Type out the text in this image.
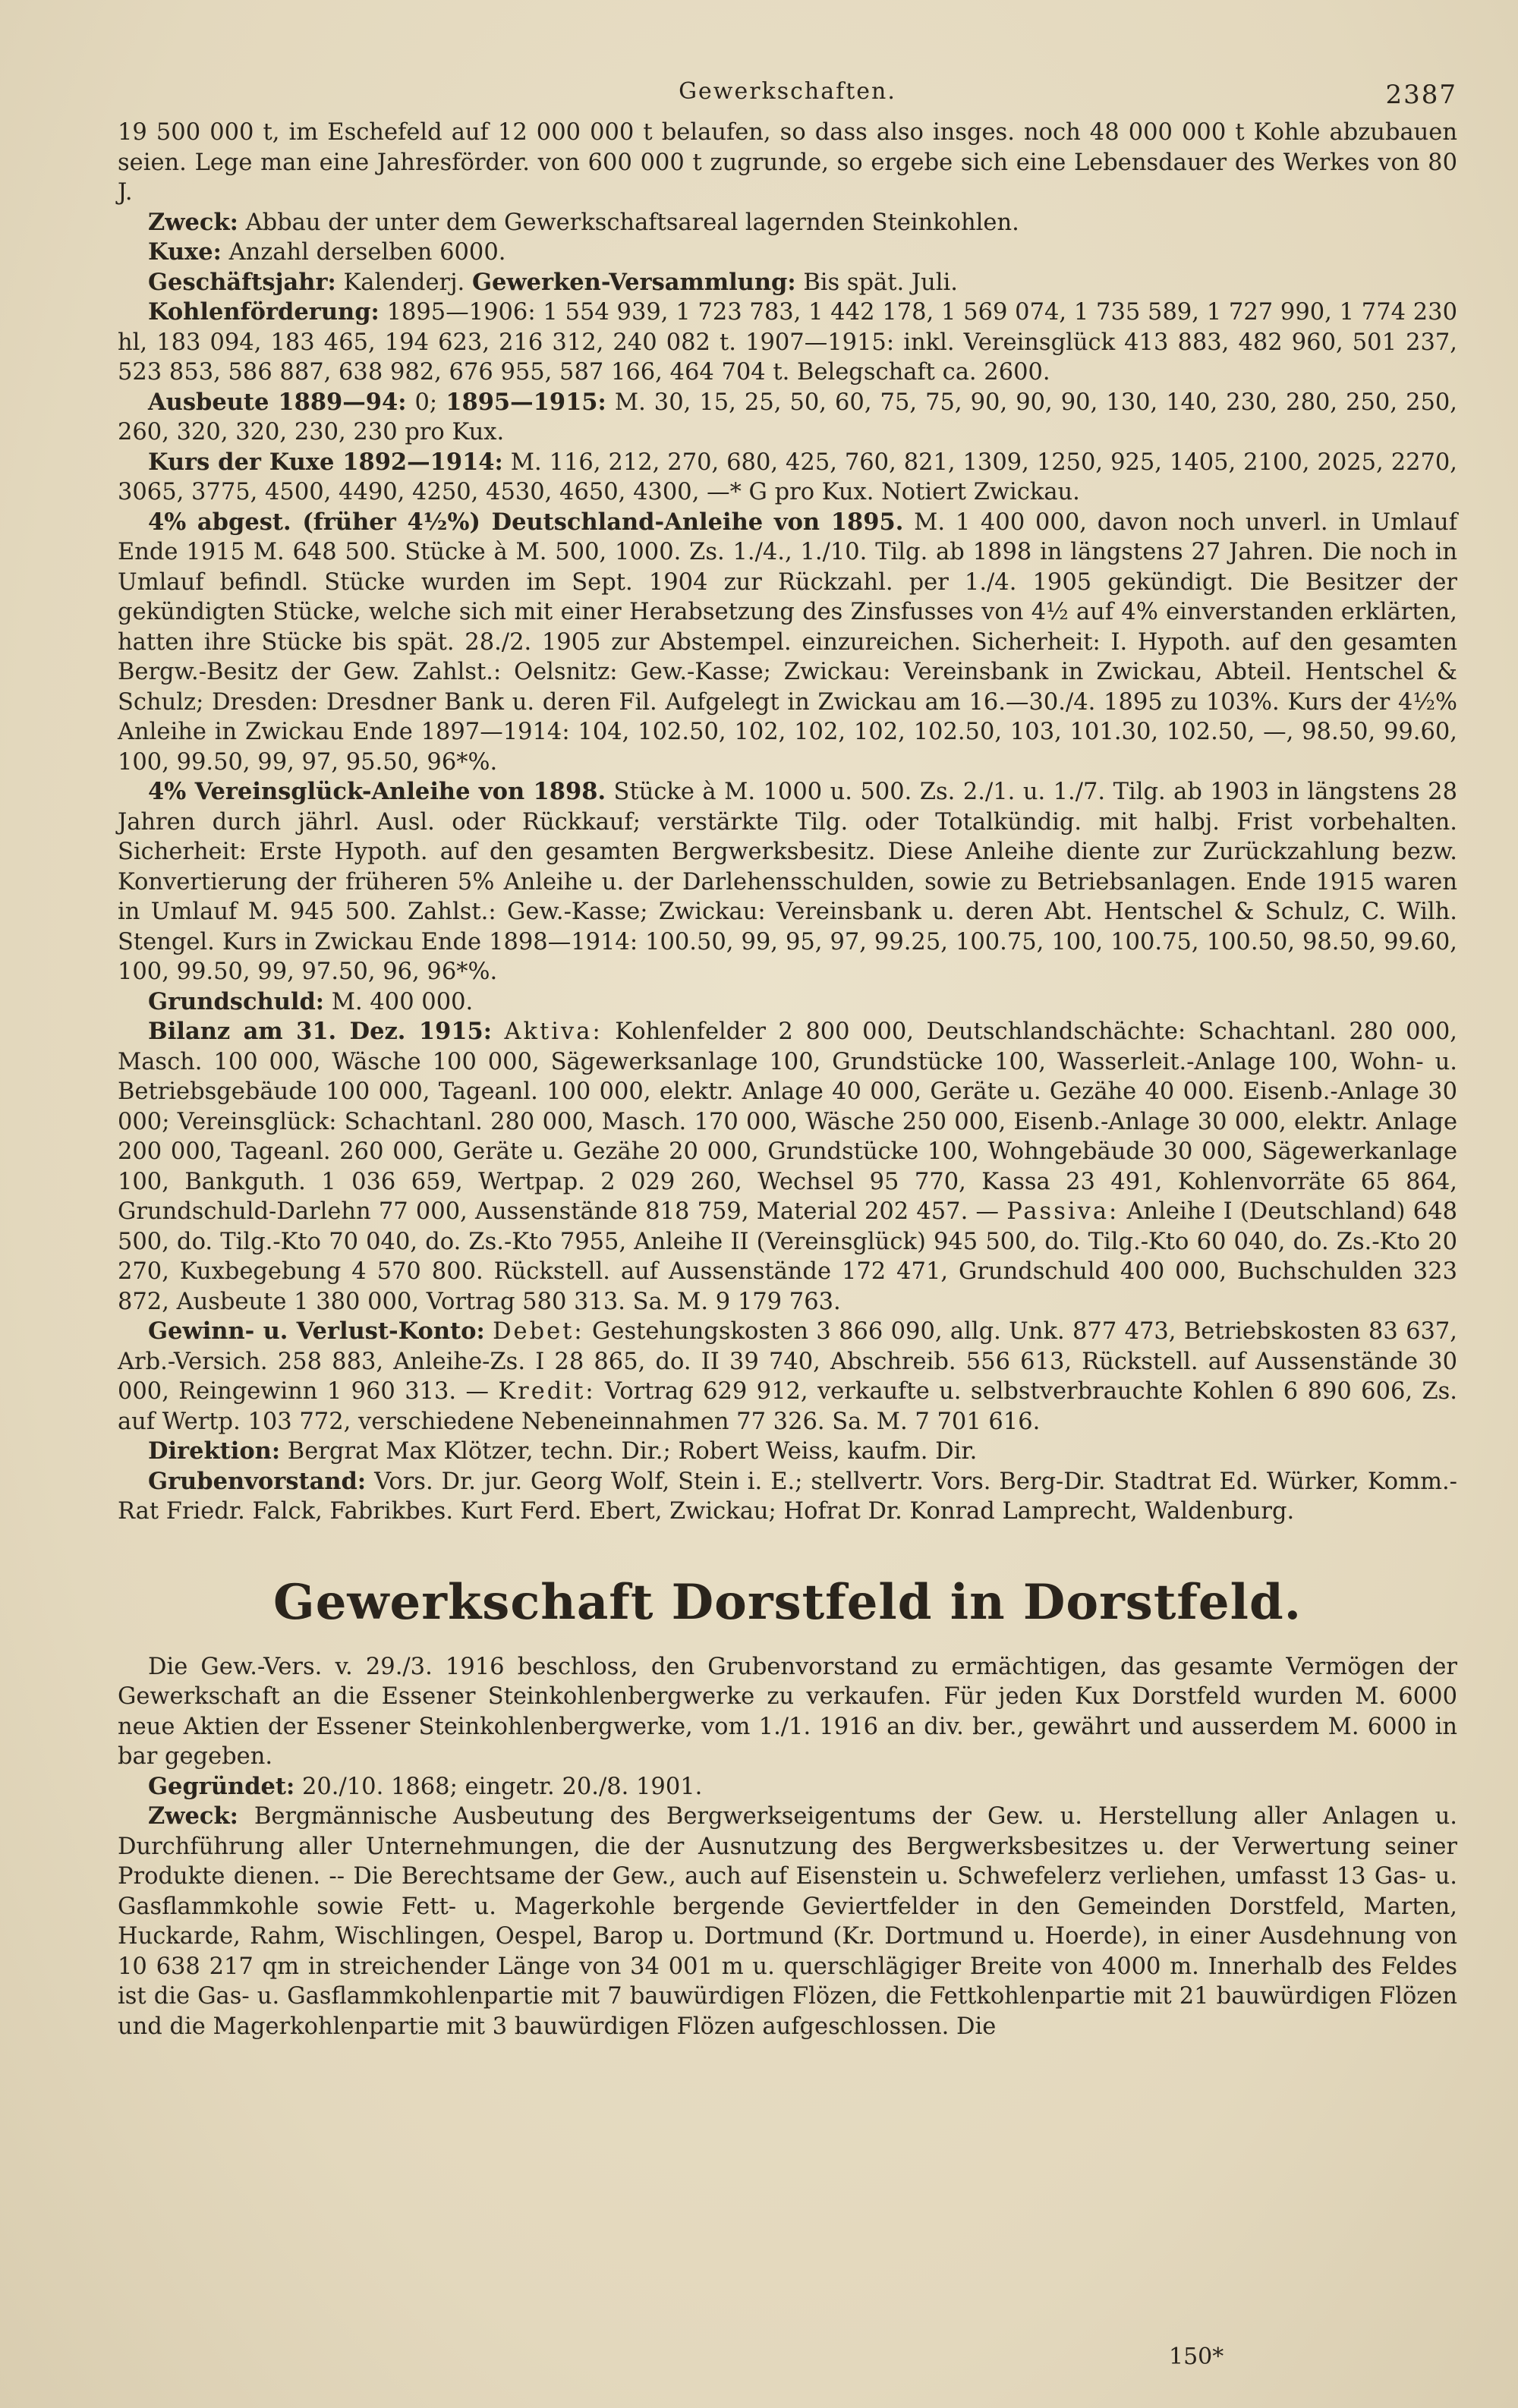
Gewerkschaften.	2387

19 500 000 t, im Eschefeld auf 12 000 000 t belaufen, so dass also insges. noch 48 000 000 t Kohle abzubauen seien. Lege man eine Jahresförder. von 600 000 t zugrunde, so ergebe sich eine Lebensdauer des Werkes von 80 J.

Zweck: Abbau der unter dem Gewerkschaftsareal lagernden Steinkohlen.

Kuxe: Anzahl derselben 6000.

Geschäftsjahr: Kalenderj. Gewerken-Versammlung: Bis spät. Juli.

Kohlenförderung: 1895—1906: 1 554 939, 1 723 783, 1 442 178, 1 569 074, 1 735 589, 1 727 990, 1 774 230 hl, 183 094, 183 465, 194 623, 216 312, 240 082 t. 1907—1915: inkl. Vereinsglück 413 883, 482 960, 501 237, 523 853, 586 887, 638 982, 676 955, 587 166, 464 704 t. Belegschaft ca. 2600.

Ausbeute 1889—94: 0; 1895—1915: M. 30, 15, 25, 50, 60, 75, 75, 90, 90, 90, 130, 140, 230, 280, 250, 250, 260, 320, 320, 230, 230 pro Kux.

Kurs der Kuxe 1892—1914: M. 116, 212, 270, 680, 425, 760, 821, 1309, 1250, 925, 1405, 2100, 2025, 2270, 3065, 3775, 4500, 4490, 4250, 4530, 4650, 4300, —* G pro Kux. Notiert Zwickau.

4% abgest. (früher 4½%) Deutschland-Anleihe von 1895. M. 1 400 000, davon noch unverl. in Umlauf Ende 1915 M. 648 500. Stücke à M. 500, 1000. Zs. 1./4., 1./10. Tilg. ab 1898 in längstens 27 Jahren. Die noch in Umlauf befindl. Stücke wurden im Sept. 1904 zur Rückzahl. per 1./4. 1905 gekündigt. Die Besitzer der gekündigten Stücke, welche sich mit einer Herabsetzung des Zinsfusses von 4½ auf 4% einverstanden erklärten, hatten ihre Stücke bis spät. 28./2. 1905 zur Abstempel. einzureichen. Sicherheit: I. Hypoth. auf den gesamten Bergw.-Besitz der Gew. Zahlst.: Oelsnitz: Gew.-Kasse; Zwickau: Vereinsbank in Zwickau, Abteil. Hentschel & Schulz; Dresden: Dresdner Bank u. deren Fil. Aufgelegt in Zwickau am 16.—30./4. 1895 zu 103%. Kurs der 4½% Anleihe in Zwickau Ende 1897—1914: 104, 102.50, 102, 102, 102, 102.50, 103, 101.30, 102.50, —, 98.50, 99.60, 100, 99.50, 99, 97, 95.50, 96*%.

4% Vereinsglück-Anleihe von 1898. Stücke à M. 1000 u. 500. Zs. 2./1. u. 1./7. Tilg. ab 1903 in längstens 28 Jahren durch jährl. Ausl. oder Rückkauf; verstärkte Tilg. oder Totalkündig. mit halbj. Frist vorbehalten. Sicherheit: Erste Hypoth. auf den gesamten Bergwerksbesitz. Diese Anleihe diente zur Zurückzahlung bezw. Konvertierung der früheren 5% Anleihe u. der Darlehensschulden, sowie zu Betriebsanlagen. Ende 1915 waren in Umlauf M. 945 500. Zahlst.: Gew.-Kasse; Zwickau: Vereinsbank u. deren Abt. Hentschel & Schulz, C. Wilh. Stengel. Kurs in Zwickau Ende 1898—1914: 100.50, 99, 95, 97, 99.25, 100.75, 100, 100.75, 100.50, 98.50, 99.60, 100, 99.50, 99, 97.50, 96, 96*%.

Grundschuld: M. 400 000.

Bilanz am 31. Dez. 1915: Aktiva: Kohlenfelder 2 800 000, Deutschlandschächte: Schachtanl. 280 000, Masch. 100 000, Wäsche 100 000, Sägewerksanlage 100, Grundstücke 100, Wasserleit.-Anlage 100, Wohn- u. Betriebsgebäude 100 000, Tageanl. 100 000, elektr. Anlage 40 000, Geräte u. Gezähe 40 000. Eisenb.-Anlage 30 000; Vereinsglück: Schachtanl. 280 000, Masch. 170 000, Wäsche 250 000, Eisenb.-Anlage 30 000, elektr. Anlage 200 000, Tageanl. 260 000, Geräte u. Gezähe 20 000, Grundstücke 100, Wohngebäude 30 000, Sägewerkanlage 100, Bankguth. 1 036 659, Wertpap. 2 029 260, Wechsel 95 770, Kassa 23 491, Kohlenvorräte 65 864, Grundschuld-Darlehn 77 000, Aussenstände 818 759, Material 202 457. — Passiva: Anleihe I (Deutschland) 648 500, do. Tilg.-Kto 70 040, do. Zs.-Kto 7955, Anleihe II (Vereinsglück) 945 500, do. Tilg.-Kto 60 040, do. Zs.-Kto 20 270, Kuxbegebung 4 570 800. Rückstell. auf Aussenstände 172 471, Grundschuld 400 000, Buchschulden 323 872, Ausbeute 1 380 000, Vortrag 580 313. Sa. M. 9 179 763.

Gewinn- u. Verlust-Konto: Debet: Gestehungskosten 3 866 090, allg. Unk. 877 473, Betriebskosten 83 637, Arb.-Versich. 258 883, Anleihe-Zs. I 28 865, do. II 39 740, Abschreib. 556 613, Rückstell. auf Aussenstände 30 000, Reingewinn 1 960 313. — Kredit: Vortrag 629 912, verkaufte u. selbstverbrauchte Kohlen 6 890 606, Zs. auf Wertp. 103 772, verschiedene Nebeneinnahmen 77 326. Sa. M. 7 701 616.

Direktion: Bergrat Max Klötzer, techn. Dir.; Robert Weiss, kaufm. Dir.

Grubenvorstand: Vors. Dr. jur. Georg Wolf, Stein i. E.; stellvertr. Vors. Berg-Dir. Stadtrat Ed. Würker, Komm.-Rat Friedr. Falck, Fabrikbes. Kurt Ferd. Ebert, Zwickau; Hofrat Dr. Konrad Lamprecht, Waldenburg.

Gewerkschaft Dorstfeld in Dorstfeld.

Die Gew.-Vers. v. 29./3. 1916 beschloss, den Grubenvorstand zu ermächtigen, das gesamte Vermögen der Gewerkschaft an die Essener Steinkohlenbergwerke zu verkaufen. Für jeden Kux Dorstfeld wurden M. 6000 neue Aktien der Essener Steinkohlenbergwerke, vom 1./1. 1916 an div. ber., gewährt und ausserdem M. 6000 in bar gegeben.

Gegründet: 20./10. 1868; eingetr. 20./8. 1901.

Zweck: Bergmännische Ausbeutung des Bergwerkseigentums der Gew. u. Herstellung aller Anlagen u. Durchführung aller Unternehmungen, die der Ausnutzung des Bergwerksbesitzes u. der Verwertung seiner Produkte dienen. -- Die Berechtsame der Gew., auch auf Eisenstein u. Schwefelerz verliehen, umfasst 13 Gas- u. Gasflammkohle sowie Fett- u. Magerkohle bergende Geviertfelder in den Gemeinden Dorstfeld, Marten, Huckarde, Rahm, Wischlingen, Oespel, Barop u. Dortmund (Kr. Dortmund u. Hoerde), in einer Ausdehnung von 10 638 217 qm in streichender Länge von 34 001 m u. querschlägiger Breite von 4000 m. Innerhalb des Feldes ist die Gas- u. Gasflammkohlenpartie mit 7 bauwürdigen Flözen, die Fettkohlenpartie mit 21 bauwürdigen Flözen und die Magerkohlenpartie mit 3 bauwürdigen Flözen aufgeschlossen. Die

150*
